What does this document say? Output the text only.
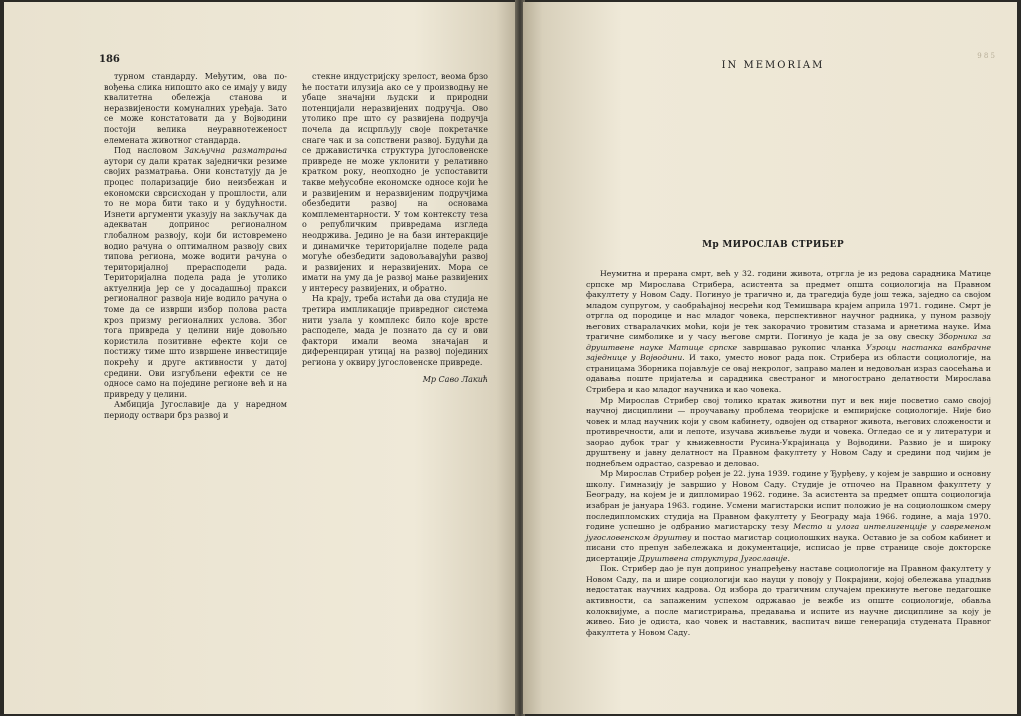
186

турном стандарду. Међутим, ова по-вођења слика нипошто ако се имају у виду квалитетна обележја станова и неразвијености комуналних уређаја. Зато се може констатовати да у Војводини постоји велика неуравнотеженост елемената животног стандарда.

Под насловом Закључна разматрања аутори су дали кратак заједнички резиме својих разматрања. Они констатују да је процес поларизације био неизбежан и економски сврсисходан у прошлости, али то не мора бити тако и у будућности. Изнети аргументи указују на закључак да адекватан допринос регионалном глобалном развоју, који би истовремено водио рачуна о оптималном развоју свих типова региона, може водити рачуна о територијалној прерасподели рада. Територијална подела рада је утолико актуелнија јер се у досадашњој пракси регионалног развоја није водило рачуна о томе да се изврши избор полова раста кроз призму регионалних услова. Због тога привреда у целини није довољно користила позитивне ефекте који се постижу тиме што извршене инвестиције покрећу и друге активности у датој средини. Ови изгубљени ефекти се не односе само на поједине регионе већ и на привреду у целини.

Амбиција Југославије да у наредном периоду оствари брз развој и

стекне индустријску зрелост, веома брзо ће постати илузија ако се у производњу не убаце значајни људски и природни потенцијали неразвијених подручја. Ово утолико пре што су развијена подручја почела да исцрпљују своје покретачке снаге чак и за сопствени развој. Будући да се државистичка структура југословенске привреде не може уклонити у релативно кратком року, неопходно је успоставити такве међусобне економске односе који ће и развијеним и неразвијеним подручјима обезбедити развој на основама комплементарности. У том контексту теза о републичким привредама изгледа неодржива. Једино је на бази интеракције и динамичке територијалне поделе рада могуће обезбедити задовољавајући развој и развијених и неразвијених. Мора се имати на уму да је развој мање развијених у интересу развијених, и обратно.

На крају, треба истаћи да ова студија не третира импликације привредног система нити узала у комплекс било које врсте расподеле, мада је познато да су и ови фактори имали веома значајан и диференциран утицај на развој појединих региона у оквиру југословенске привреде.

Мр Саво Лакић

IN MEMORIAM
9 8 5
Мр МИРОСЛАВ СТРИБЕР

Неумитна и прерана смрт, већ у 32. години живота, отргла је из редова сарадника Матице српске мр Мирослава Стрибера, асистента за предмет општа социологија на Правном факултету у Новом Саду. Погинуо је трагично и, да трагедија буде још тежа, заједно са својом младом супругом, у саобраћајној несрећи код Темишвара крајем априла 1971. године. Смрт је отргла од породице и нас младог човека, перспективног научног радника, у пуном развоју његових стваралачких моћи, који је тек закорачио тровитим стазама и арнетима науке. Има трагичне симболике и у часу његове смрти. Погинуо је када је за ову свеску Зборника за друштвене науке Матице српске завршавао рукопис чланка Узроци настанка ванбрачне заједнице у Војводини. И тако, уместо новог рада пок. Стрибера из области социологије, на страницама Зборника појављује се овај некролог, заправо мален и недовољан израз саосећања и одавања поште пријатеља и сарадника свестраног и многострано делатности Мирослава Стрибера и као младог научника и као човека.

Мр Мирослав Стрибер свој толико кратак животни пут и век није посветио само својој научној дисциплини — проучавању проблема теоријске и емпиријске социологије. Није био човек и млад научник који у свом кабинету, одвојен од стварног живота, његових сложености и противречности, али и лепоте, изучава живљење људи и човека. Огледао се и у литератури и заорао дубок траг у књижевности Русина-Украјинаца у Војводини. Развио је и широку друштвену и јавну делатност на Правном факултету у Новом Саду и средини под чијим је поднебљем одрастао, сазревао и деловао.

Мр Мирослав Стрибер рођен је 22. јуна 1939. године у Ђурђеву, у којем је завршио и основну школу. Гимназију је завршио у Новом Саду. Студије је отпочео на Правном факултету у Београду, на којем је и дипломирао 1962. године. За асистента за предмет општа социологија изабран је јануара 1963. године. Усмени магистарски испит положио је на социолошком смеру последипломских студија на Правном факултету у Београду маја 1966. године, а маја 1970. године успешно је одбранио магистарску тезу Место и улога интелигенције у савременом југословенском друштву и постао магистар социолошких наука. Оставио је за собом кабинет и писани сто препун забележака и документације, исписао је прве странице своје докторске дисертације Друштвена структура Југославије.

Пок. Стрибер дао је пун допринос унапређењу наставе социологије на Правном факултету у Новом Саду, па и шире социологији као науци у повоју у Покрајини, којој обележава упадљив недостатак научних кадрова. Од избора до трагичним случајем прекинуте његове педагошке активности, са запаженим успехом одржавао је вежбе из опште социологије, обавља колоквијуме, а после магистрирања, предавања и испите из научне дисциплине за коју је живео. Био је одиста, као човек и наставник, васпитач више генерација студената Правног факултета у Новом Саду.
